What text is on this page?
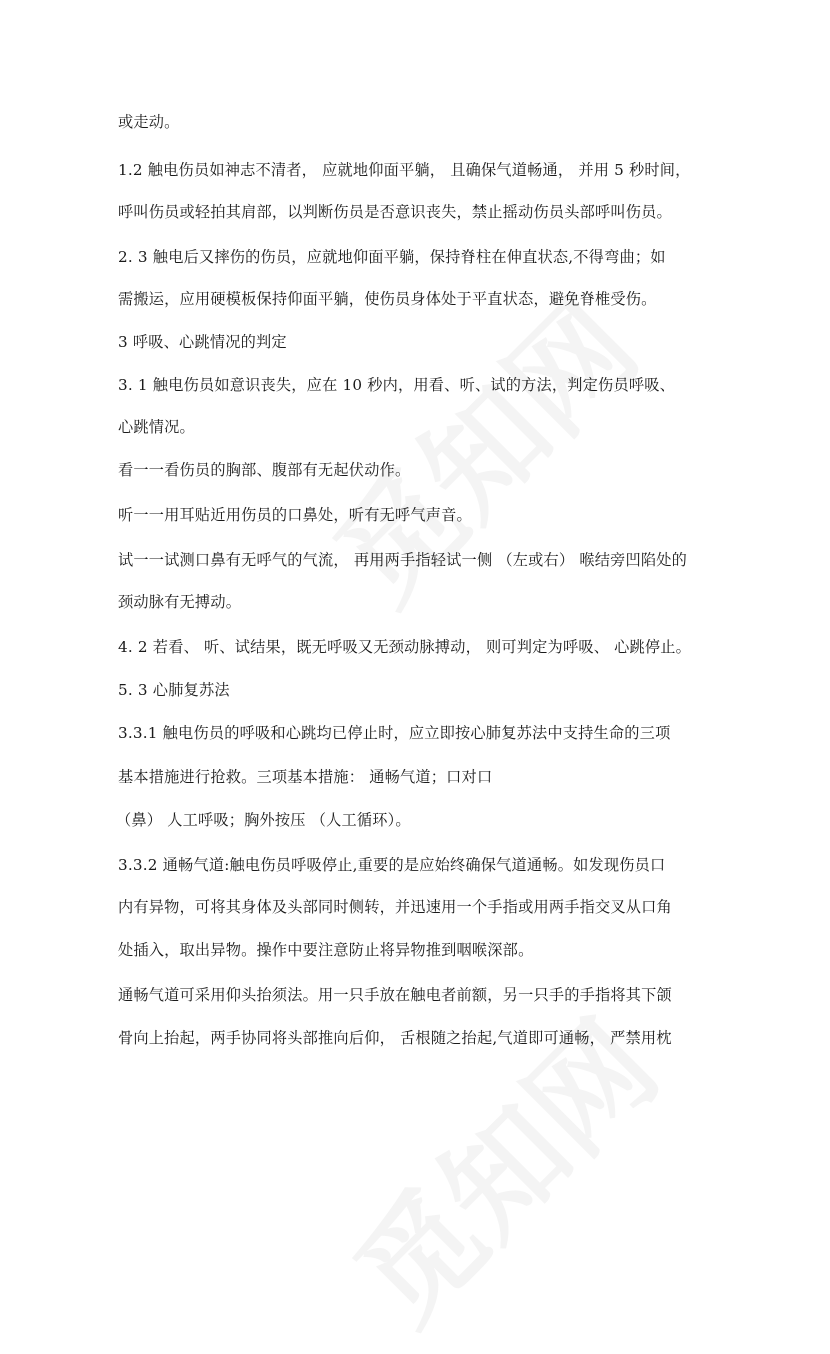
或走动。
1.2 触电伤员如神志不清者， 应就地仰面平躺， 且确保气道畅通， 并用 5 秒时间，
呼叫伤员或轻拍其肩部，以判断伤员是否意识丧失，禁止摇动伤员头部呼叫伤员。
2. 3 触电后又摔伤的伤员，应就地仰面平躺，保持脊柱在伸直状态,不得弯曲；如
需搬运，应用硬模板保持仰面平躺，使伤员身体处于平直状态，避免脊椎受伤。
3 呼吸、心跳情况的判定
3. 1 触电伤员如意识丧失，应在 10 秒内，用看、听、试的方法，判定伤员呼吸、
心跳情况。
看一一看伤员的胸部、腹部有无起伏动作。
听一一用耳贴近用伤员的口鼻处，听有无呼气声音。
试一一试测口鼻有无呼气的气流， 再用两手指轻试一侧 （左或右） 喉结旁凹陷处的
颈动脉有无搏动。
4. 2 若看、 听、试结果，既无呼吸又无颈动脉搏动， 则可判定为呼吸、 心跳停止。
5. 3 心肺复苏法
3.3.1 触电伤员的呼吸和心跳均已停止时，应立即按心肺复苏法中支持生命的三项
基本措施进行抢救。三项基本措施： 通畅气道；口对口
（鼻） 人工呼吸；胸外按压 （人工循环）。
3.3.2 通畅气道:触电伤员呼吸停止,重要的是应始终确保气道通畅。如发现伤员口
内有异物，可将其身体及头部同时侧转，并迅速用一个手指或用两手指交叉从口角
处插入，取出异物。操作中要注意防止将异物推到咽喉深部。
通畅气道可采用仰头抬须法。用一只手放在触电者前额，另一只手的手指将其下颌
骨向上抬起，两手协同将头部推向后仰， 舌根随之抬起,气道即可通畅， 严禁用枕
